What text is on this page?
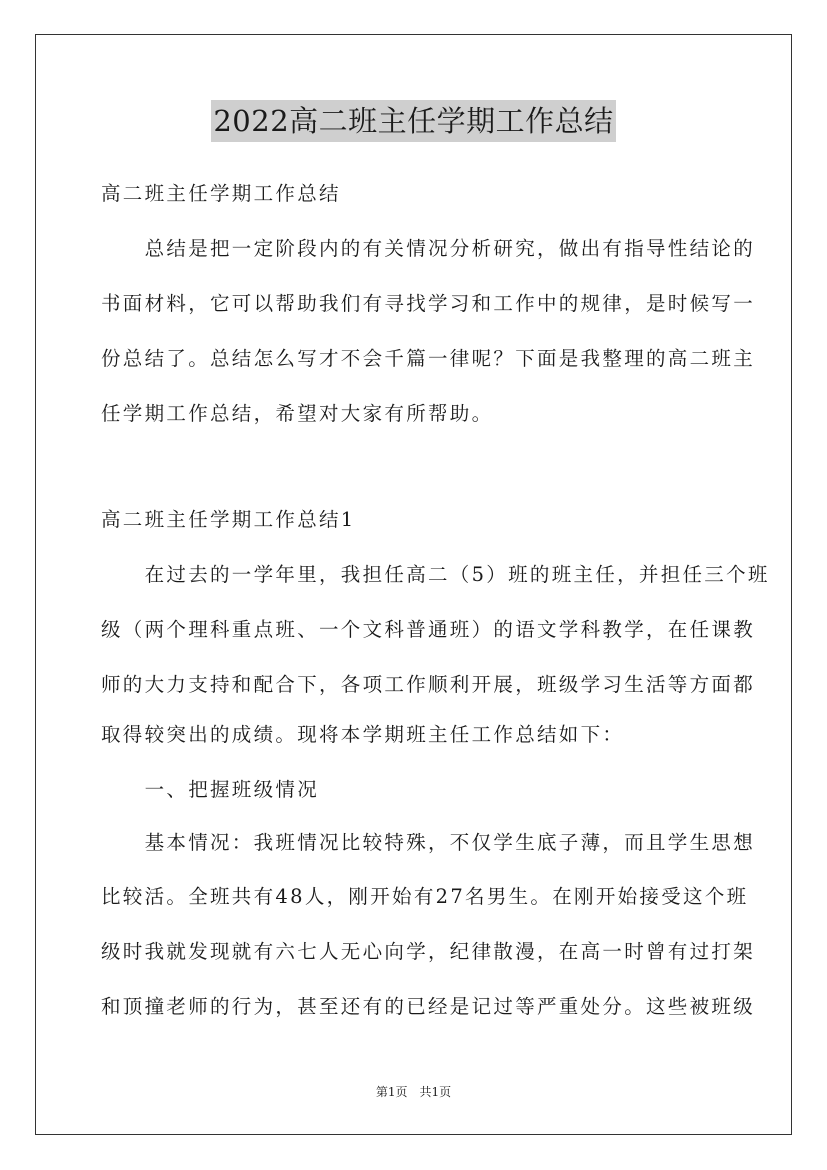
2022高二班主任学期工作总结
高二班主任学期工作总结
　　总结是把一定阶段内的有关情况分析研究，做出有指导性结论的
书面材料，它可以帮助我们有寻找学习和工作中的规律，是时候写一
份总结了。总结怎么写才不会千篇一律呢？下面是我整理的高二班主
任学期工作总结，希望对大家有所帮助。
高二班主任学期工作总结1
　　在过去的一学年里，我担任高二（5）班的班主任，并担任三个班
级（两个理科重点班、一个文科普通班）的语文学科教学，在任课教
师的大力支持和配合下，各项工作顺利开展，班级学习生活等方面都
取得较突出的成绩。现将本学期班主任工作总结如下：
　　一、把握班级情况
　　基本情况：我班情况比较特殊，不仅学生底子薄，而且学生思想
比较活。全班共有48人，刚开始有27名男生。在刚开始接受这个班
级时我就发现就有六七人无心向学，纪律散漫，在高一时曾有过打架
和顶撞老师的行为，甚至还有的已经是记过等严重处分。这些被班级
第1页　共1页
